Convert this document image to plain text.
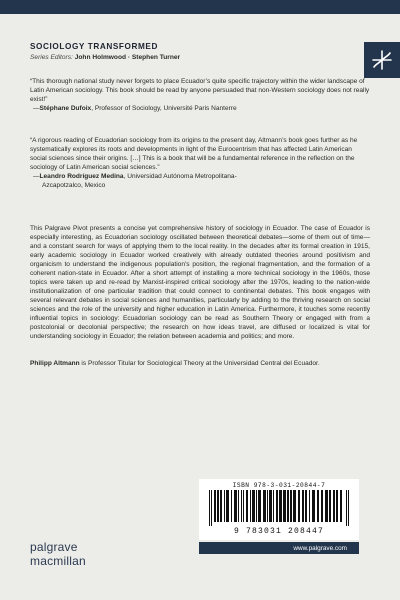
SOCIOLOGY TRANSFORMED
Series Editors: John Holmwood · Stephen Turner

“This thorough national study never forgets to place Ecuador’s quite specific trajectory within the wider landscape of Latin American sociology. This book should be read by anyone persuaded that non-Western sociology does not really exist!”

—Stéphane Dufoix, Professor of Sociology, Université Paris Nanterre

“A rigorous reading of Ecuadorian sociology from its origins to the present day, Altmann’s book goes further as he systematically explores its roots and developments in light of the Eurocentrism that has affected Latin American social sciences since their origins. […] This is a book that will be a fundamental reference in the reflection on the sociology of Latin American social sciences.”

—Leandro Rodríguez Medina, Universidad Autónoma Metropolitana-

Azcapotzalco, Mexico

This Palgrave Pivot presents a concise yet comprehensive history of sociology in Ecuador. The case of Ecuador is especially interesting, as Ecuadorian sociology oscillated between theoretical debates—some of them out of time—and a constant search for ways of applying them to the local reality. In the decades after its formal creation in 1915, early academic sociology in Ecuador worked creatively with already outdated theories around positivism and organicism to understand the indigenous population’s position, the regional fragmentation, and the formation of a coherent nation-state in Ecuador. After a short attempt of installing a more technical sociology in the 1960s, those topics were taken up and re-read by Marxist-inspired critical sociology after the 1970s, leading to the nation-wide institutionalization of one particular tradition that could connect to continental debates. This book engages with several relevant debates in social sciences and humanities, particularly by adding to the thriving research on social sciences and the role of the university and higher education in Latin America. Furthermore, it touches some recently influential topics in sociology: Ecuadorian sociology can be read as Southern Theory or engaged with from a postcolonial or decolonial perspective; the research on how ideas travel, are diffused or localized is vital for understanding sociology in Ecuador; the relation between academia and politics; and more.

Philipp Altmann is Professor Titular for Sociological Theory at the Universidad Central del Ecuador.

ISBN 978-3-031-20844-7
9 783031 208447
palgrave
macmillan
www.palgrave.com
